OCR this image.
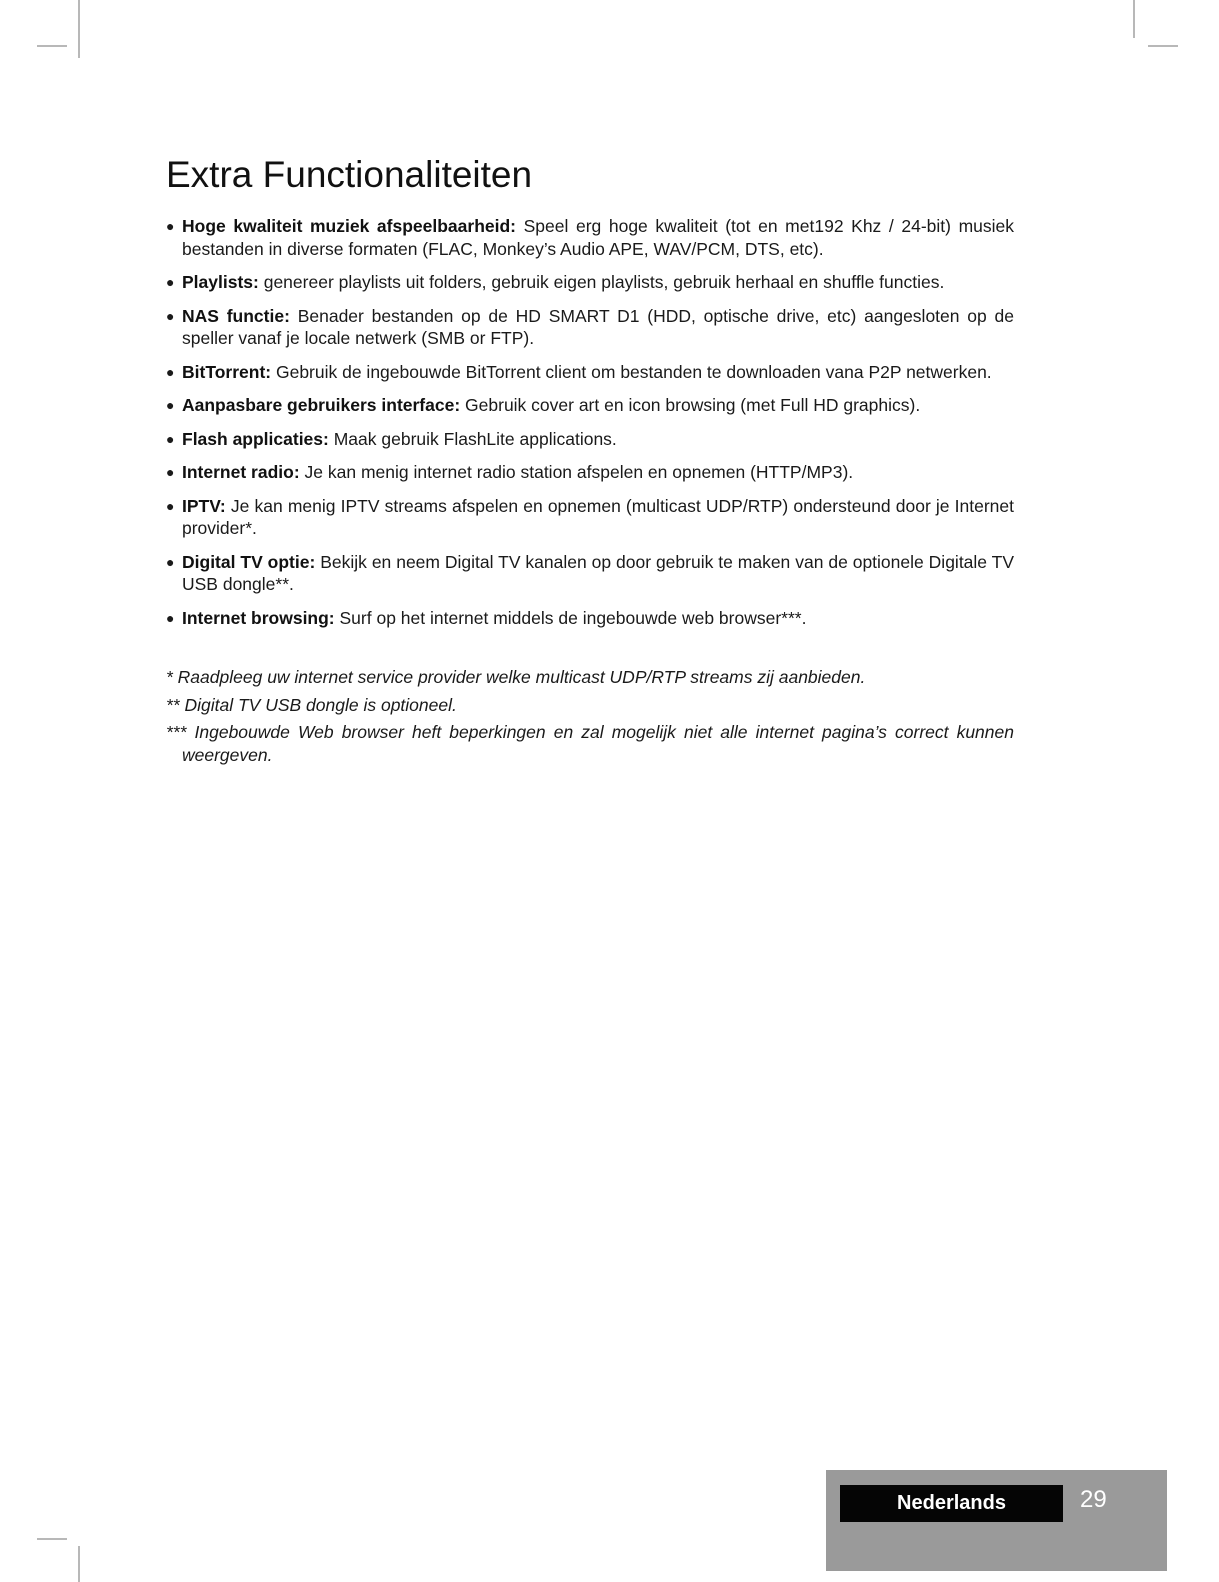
Extra Functionaliteiten
● Hoge kwaliteit muziek afspeelbaarheid: Speel erg hoge kwaliteit (tot en met192 Khz / 24-bit) musiek bestanden in diverse formaten (FLAC, Monkey’s Audio APE, WAV/PCM, DTS, etc).
● Playlists: genereer playlists uit folders, gebruik eigen playlists, gebruik herhaal en shuffle functies.
● NAS functie: Benader bestanden op de HD SMART D1 (HDD, optische drive, etc) aangesloten op de speller vanaf je locale netwerk (SMB or FTP).
● BitTorrent: Gebruik de ingebouwde BitTorrent client om bestanden te downloaden vana P2P netwerken.
● Aanpasbare gebruikers interface: Gebruik cover art en icon browsing (met Full HD graphics).
● Flash applicaties: Maak gebruik FlashLite applications.
● Internet radio: Je kan menig internet radio station afspelen en opnemen (HTTP/MP3).
● IPTV: Je kan menig IPTV streams afspelen en opnemen (multicast UDP/RTP) ondersteund door je Internet provider*.
● Digital TV optie: Bekijk en neem Digital TV kanalen op door gebruik te maken van de optionele Digitale TV USB dongle**.
● Internet browsing: Surf op het internet middels de ingebouwde web browser***.
* Raadpleeg uw internet service provider welke multicast UDP/RTP streams zij aanbieden.
** Digital TV USB dongle is optioneel.
*** Ingebouwde Web browser heft beperkingen en zal mogelijk niet alle internet pagina’s correct kunnen weergeven.
Nederlands	29
